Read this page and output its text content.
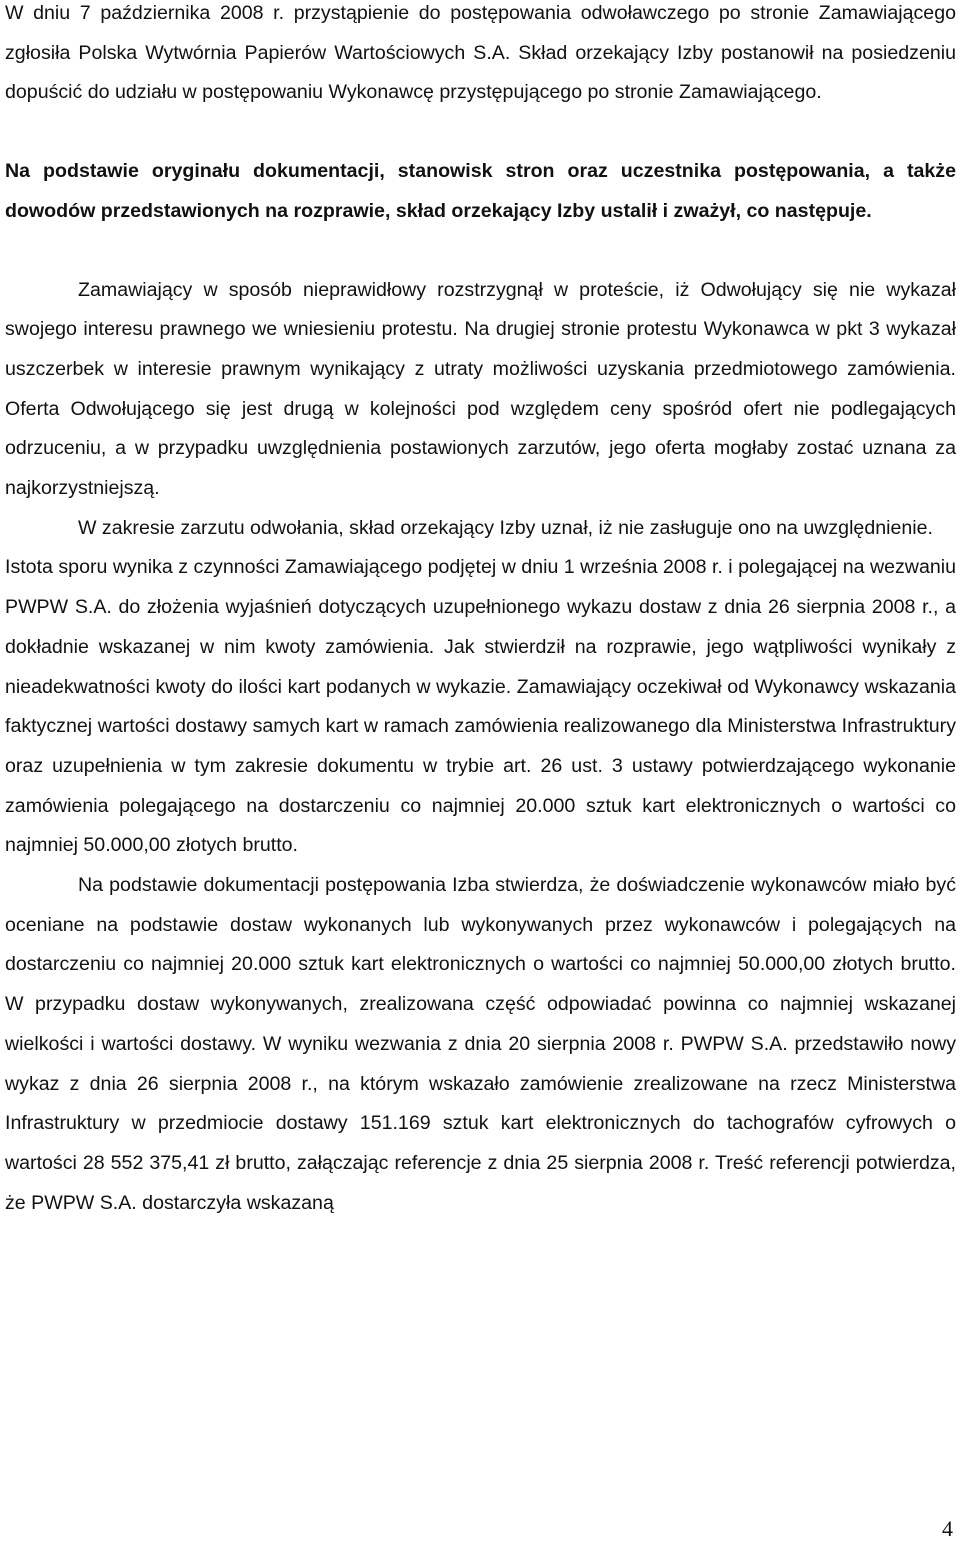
W dniu 7 października 2008 r. przystąpienie do postępowania odwoławczego po stronie Zamawiającego zgłosiła Polska Wytwórnia Papierów Wartościowych S.A. Skład orzekający Izby postanowił na posiedzeniu dopuścić do udziału w postępowaniu Wykonawcę przystępującego po stronie Zamawiającego.

Na podstawie oryginału dokumentacji, stanowisk stron oraz uczestnika postępowania, a także dowodów przedstawionych na rozprawie, skład orzekający Izby ustalił i zważył, co następuje.

Zamawiający w sposób nieprawidłowy rozstrzygnął w proteście, iż Odwołujący się nie wykazał swojego interesu prawnego we wniesieniu protestu. Na drugiej stronie protestu Wykonawca w pkt 3 wykazał uszczerbek w interesie prawnym wynikający z utraty możliwości uzyskania przedmiotowego zamówienia. Oferta Odwołującego się jest drugą w kolejności pod względem ceny spośród ofert nie podlegających odrzuceniu, a w przypadku uwzględnienia postawionych zarzutów, jego oferta mogłaby zostać uznana za najkorzystniejszą.

W zakresie zarzutu odwołania, skład orzekający Izby uznał, iż nie zasługuje ono na uwzględnienie.

Istota sporu wynika z czynności Zamawiającego podjętej w dniu 1 września 2008 r. i polegającej na wezwaniu PWPW S.A. do złożenia wyjaśnień dotyczących uzupełnionego wykazu dostaw z dnia 26 sierpnia 2008 r., a dokładnie wskazanej w nim kwoty zamówienia. Jak stwierdził na rozprawie, jego wątpliwości wynikały z nieadekwatności kwoty do ilości kart podanych w wykazie. Zamawiający oczekiwał od Wykonawcy wskazania faktycznej wartości dostawy samych kart w ramach zamówienia realizowanego dla Ministerstwa Infrastruktury oraz uzupełnienia w tym zakresie dokumentu w trybie art. 26 ust. 3 ustawy potwierdzającego wykonanie zamówienia polegającego na dostarczeniu co najmniej 20.000 sztuk kart elektronicznych o wartości co najmniej 50.000,00 złotych brutto.

Na podstawie dokumentacji postępowania Izba stwierdza, że doświadczenie wykonawców miało być oceniane na podstawie dostaw wykonanych lub wykonywanych przez wykonawców i polegających na dostarczeniu co najmniej 20.000 sztuk kart elektronicznych o wartości co najmniej 50.000,00 złotych brutto. W przypadku dostaw wykonywanych, zrealizowana część odpowiadać powinna co najmniej wskazanej wielkości i wartości dostawy. W wyniku wezwania z dnia 20 sierpnia 2008 r. PWPW S.A. przedstawiło nowy wykaz z dnia 26 sierpnia 2008 r., na którym wskazało zamówienie zrealizowane na rzecz Ministerstwa Infrastruktury w przedmiocie dostawy 151.169 sztuk kart elektronicznych do tachografów cyfrowych o wartości 28 552 375,41 zł brutto, załączając referencje z dnia 25 sierpnia 2008 r. Treść referencji potwierdza, że PWPW S.A. dostarczyła wskazaną

4
